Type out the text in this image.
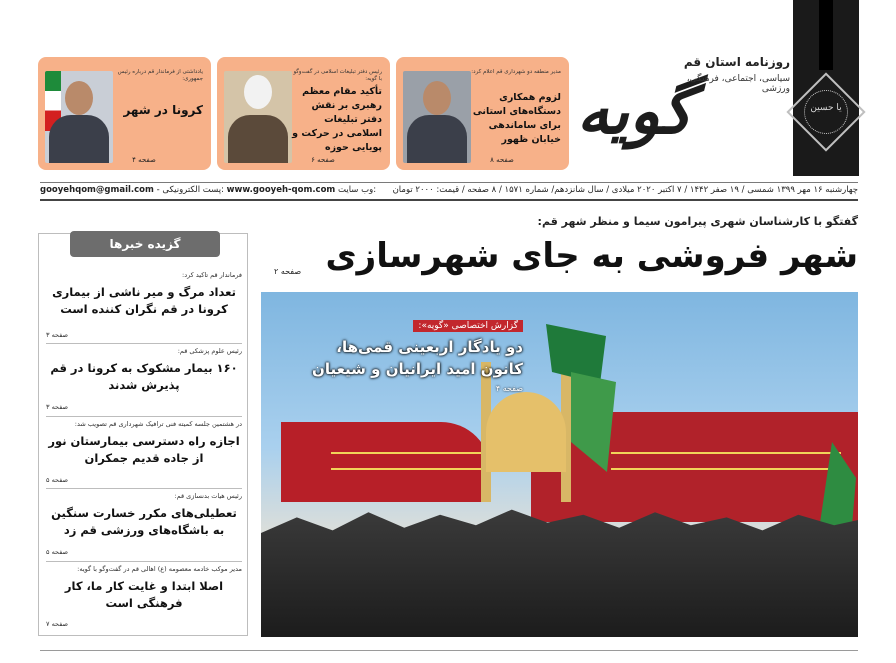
یا حسین
گویه
روزنامه استان قم
سیاسی، اجتماعی، فرهنگی، ورزشی
مدیر منطقه دو شهرداری قم اعلام کرد:
لزوم همکاری دستگاه‌های استانی برای ساماندهی خیابان ظهور
صفحه ۸
رئیس دفتر تبلیغات اسلامی در گفت‌وگو با گویه:
تأکید مقام معظم رهبری بر نقش دفتر تبلیغات اسلامی در حرکت و پویایی حوزه
صفحه ۶
یادداشتی از فرماندار قم درباره رئیس جمهوری:
کرونا در شهر
صفحه ۴
چهارشنبه ۱۶ مهر ۱۳۹۹ شمسی / ۱۹ صفر ۱۴۴۲ / ۷ اکتبر ۲۰۲۰ میلادی / سال شانزدهم/ شماره ۱۵۷۱ / ۸ صفحه / قیمت: ۲۰۰۰ تومان
gooyehqom@gmail.com - پست الکترونیکی: www.gooyeh-qom.com وب سایت:
گفتگو با کارشناسان شهری پیرامون سیما و منظر شهر قم:
شهر فروشی به جای شهرسازی
صفحه ۲
گزارش اختصاصی «گویه»:
دو یادگار اربعینی قمی‌ها، کانون امید ایرانیان و شیعیان
صفحه ۴
گزیده خبرها
فرماندار قم تاکید کرد:
تعداد مرگ و میر ناشی از بیماری کرونا در قم نگران کننده است
صفحه ۳
رئیس علوم پزشکی قم:
۱۶۰ بیمار مشکوک به کرونا در قم پذیرش شدند
صفحه ۳
در هشتمین جلسه کمیته فنی ترافیک شهرداری قم تصویب شد:
اجازه راه دسترسی بیمارستان نور از جاده قدیم جمکران
صفحه ۵
رئیس هیات بدنسازی قم:
تعطیلی‌های مکرر خسارت سنگین به باشگاه‌های ورزشی قم زد
صفحه ۵
مدیر موکب خادمه معصومه (ع) اهالی قم در گفت‌وگو با گویه:
اصلا ابتدا و غایت کار ما، کار فرهنگی است
صفحه ۷
